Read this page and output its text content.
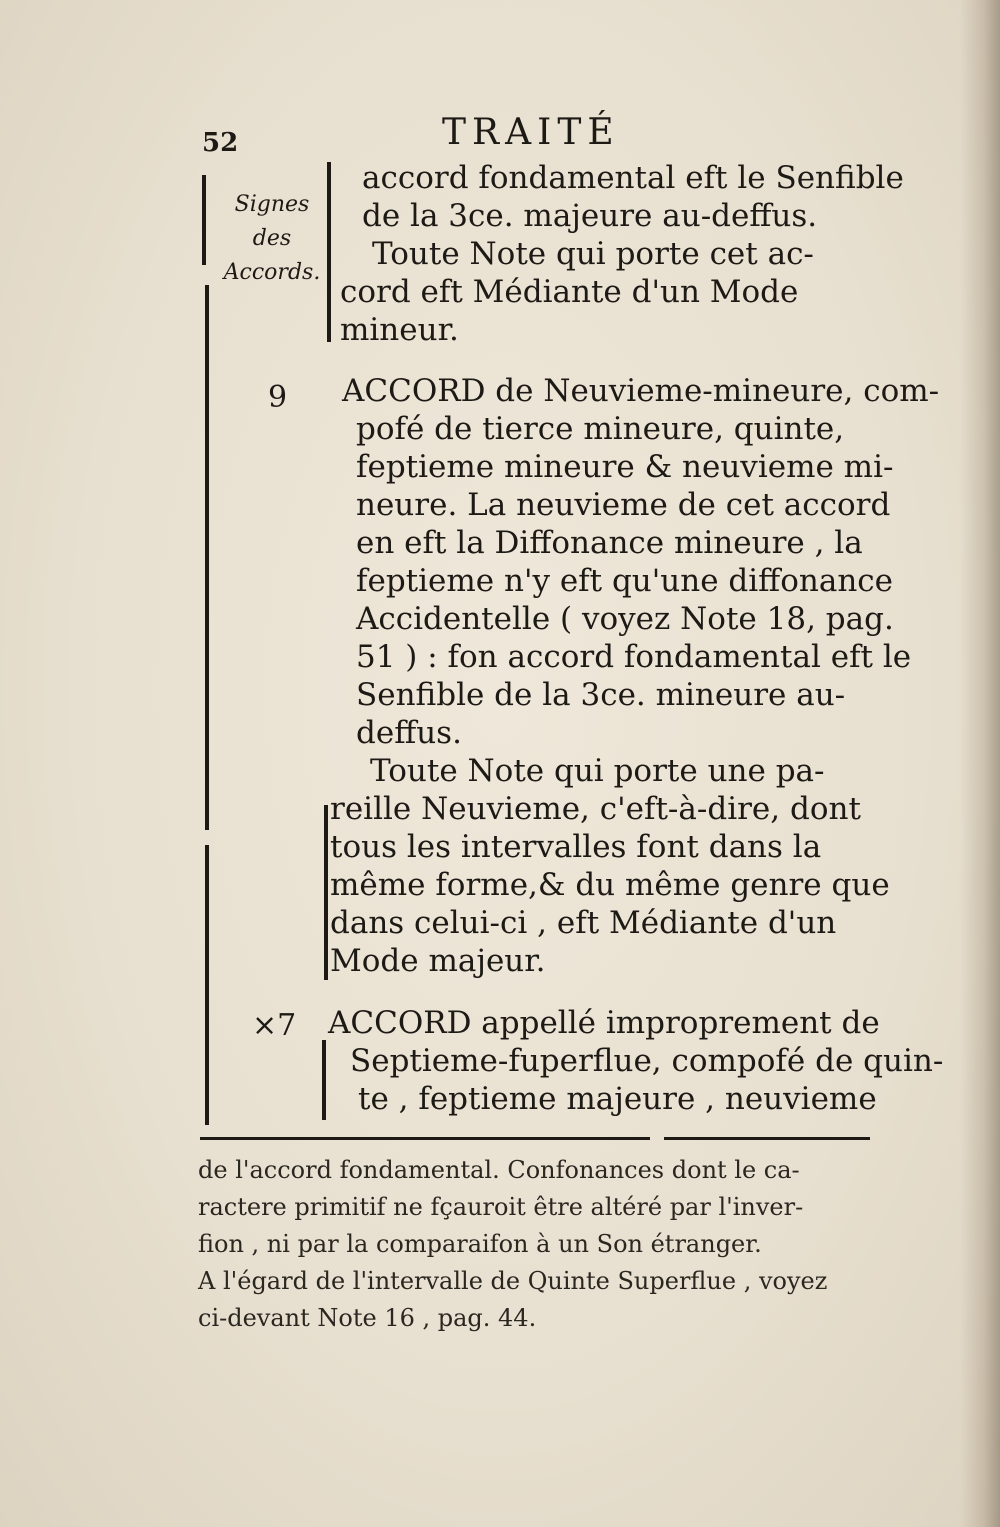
52	TRAITÉ
Signes
des
Accords.
9
×7
accord fondamental eft le Senfible
de la 3ce. majeure au-deffus.
Toute Note qui porte cet ac-
cord eft Médiante d'un Mode
mineur.
ACCORD de Neuvieme-mineure, com-
pofé de tierce mineure, quinte,
feptieme mineure & neuvieme mi-
neure. La neuvieme de cet accord
en eft la Diffonance mineure , la
feptieme n'y eft qu'une diffonance
Accidentelle ( voyez Note 18, pag.
51 ) : fon accord fondamental eft le
Senfible de la 3ce. mineure au-
deffus.
Toute Note qui porte une pa-
reille Neuvieme, c'eft-à-dire, dont
tous les intervalles font dans la
même forme,& du même genre que
dans celui-ci , eft Médiante d'un
Mode majeur.
ACCORD appellé improprement de
Septieme-fuperflue, compofé de quin-
te , feptieme majeure , neuvieme
de l'accord fondamental. Confonances dont le ca-
ractere primitif ne fçauroit être altéré par l'inver-
fion , ni par la comparaifon à un Son étranger.
A l'égard de l'intervalle de Quinte Superflue , voyez
ci-devant Note 16 , pag. 44.
